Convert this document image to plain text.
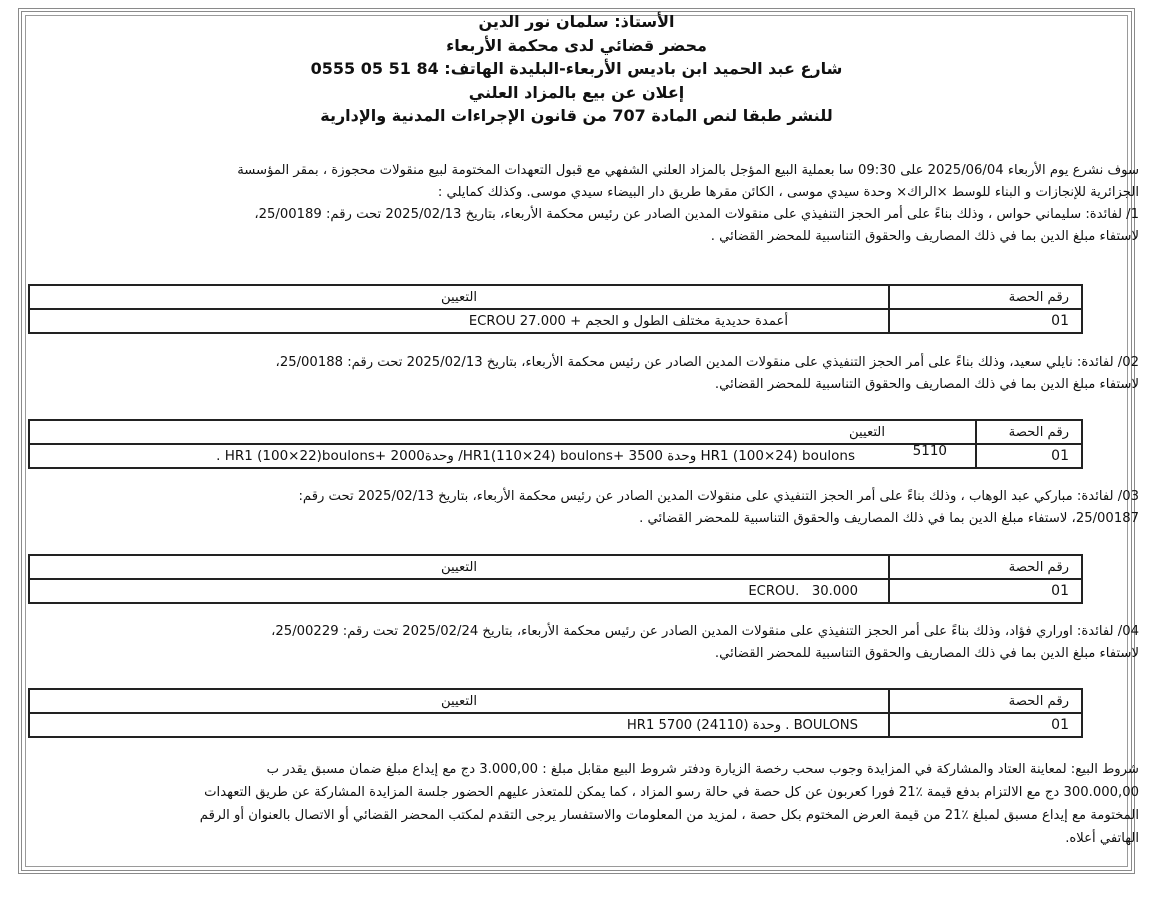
الأستاذ: سلمان نور الدين
محضر قضائي لدى محكمة الأربعاء
شارع عبد الحميد ابن باديس الأربعاء-البليدة الهاتف: 84 51 05 0555
إعلان عن بيع بالمزاد العلني
للنشر طبقا لنص المادة 707 من قانون الإجراءات المدنية والإدارية

سوف نشرع يوم الأربعاء 2025/06/04 على 09:30 سا بعملية البيع المؤجل بالمزاد العلني الشفهي مع قبول التعهدات المختومة لبيع منقولات محجوزة ، بمقر المؤسسة

الجزائرية للإنجازات و البناء للوسط ×الراك× وحدة سيدي موسى ، الكائن مقرها طريق دار البيضاء سيدي موسى. وكذلك كمايلي :

1/ لفائدة: سليماني حواس ، وذلك بناءً على أمر الحجز التنفيذي على منقولات المدين الصادر عن رئيس محكمة الأربعاء، بتاريخ 2025/02/13 تحت رقم: 25/00189،

لاستفاء مبلغ الدين بما في ذلك المصاريف والحقوق التناسبية للمحضر القضائي .

رقم الحصة	التعيين
01	أعمدة حديدية مختلف الطول و الحجم + ECROU 27.000

02/ لفائدة: نايلي سعيد، وذلك بناءً على أمر الحجز التنفيذي على منقولات المدين الصادر عن رئيس محكمة الأربعاء، بتاريخ 2025/02/13 تحت رقم: 25/00188،

لاستفاء مبلغ الدين بما في ذلك المصاريف والحقوق التناسبية للمحضر القضائي.

رقم الحصة	التعيين
01	HR1 (100×24) boulons وحدة 3500 +HR1(110×24) boulons/ وحدة2000 +HR1 (100×22)boulons . 5110

03/ لفائدة: مباركي عبد الوهاب ، وذلك بناءً على أمر الحجز التنفيذي على منقولات المدين الصادر عن رئيس محكمة الأربعاء، بتاريخ 2025/02/13 تحت رقم:

25/00187، لاستفاء مبلغ الدين بما في ذلك المصاريف والحقوق التناسبية للمحضر القضائي .

رقم الحصة	التعيين
01	ECROU.   30.000

04/ لفائدة: اوراري فؤاد، وذلك بناءً على أمر الحجز التنفيذي على منقولات المدين الصادر عن رئيس محكمة الأربعاء، بتاريخ 2025/02/24 تحت رقم: 25/00229،

لاستفاء مبلغ الدين بما في ذلك المصاريف والحقوق التناسبية للمحضر القضائي.

رقم الحصة	التعيين
01	BOULONS . وحدة HR1 5700 (24110)

شروط البيع: لمعاينة العتاد والمشاركة في المزايدة وجوب سحب رخصة الزيارة ودفتر شروط البيع مقابل مبلغ : 3.000,00 دج مع إيداع مبلغ ضمان مسبق يقدر ب

300.000,00 دج مع الالتزام بدفع قيمة ٪21 فورا كعربون عن كل حصة في حالة رسو المزاد ، كما يمكن للمتعذر عليهم الحضور جلسة المزايدة المشاركة عن طريق التعهدات

المختومة مع إيداع مسبق لمبلغ ٪21 من قيمة العرض المختوم بكل حصة ، لمزيد من المعلومات والاستفسار يرجى التقدم لمكتب المحضر القضائي أو الاتصال بالعنوان أو الرقم

الهاتفي أعلاه.
